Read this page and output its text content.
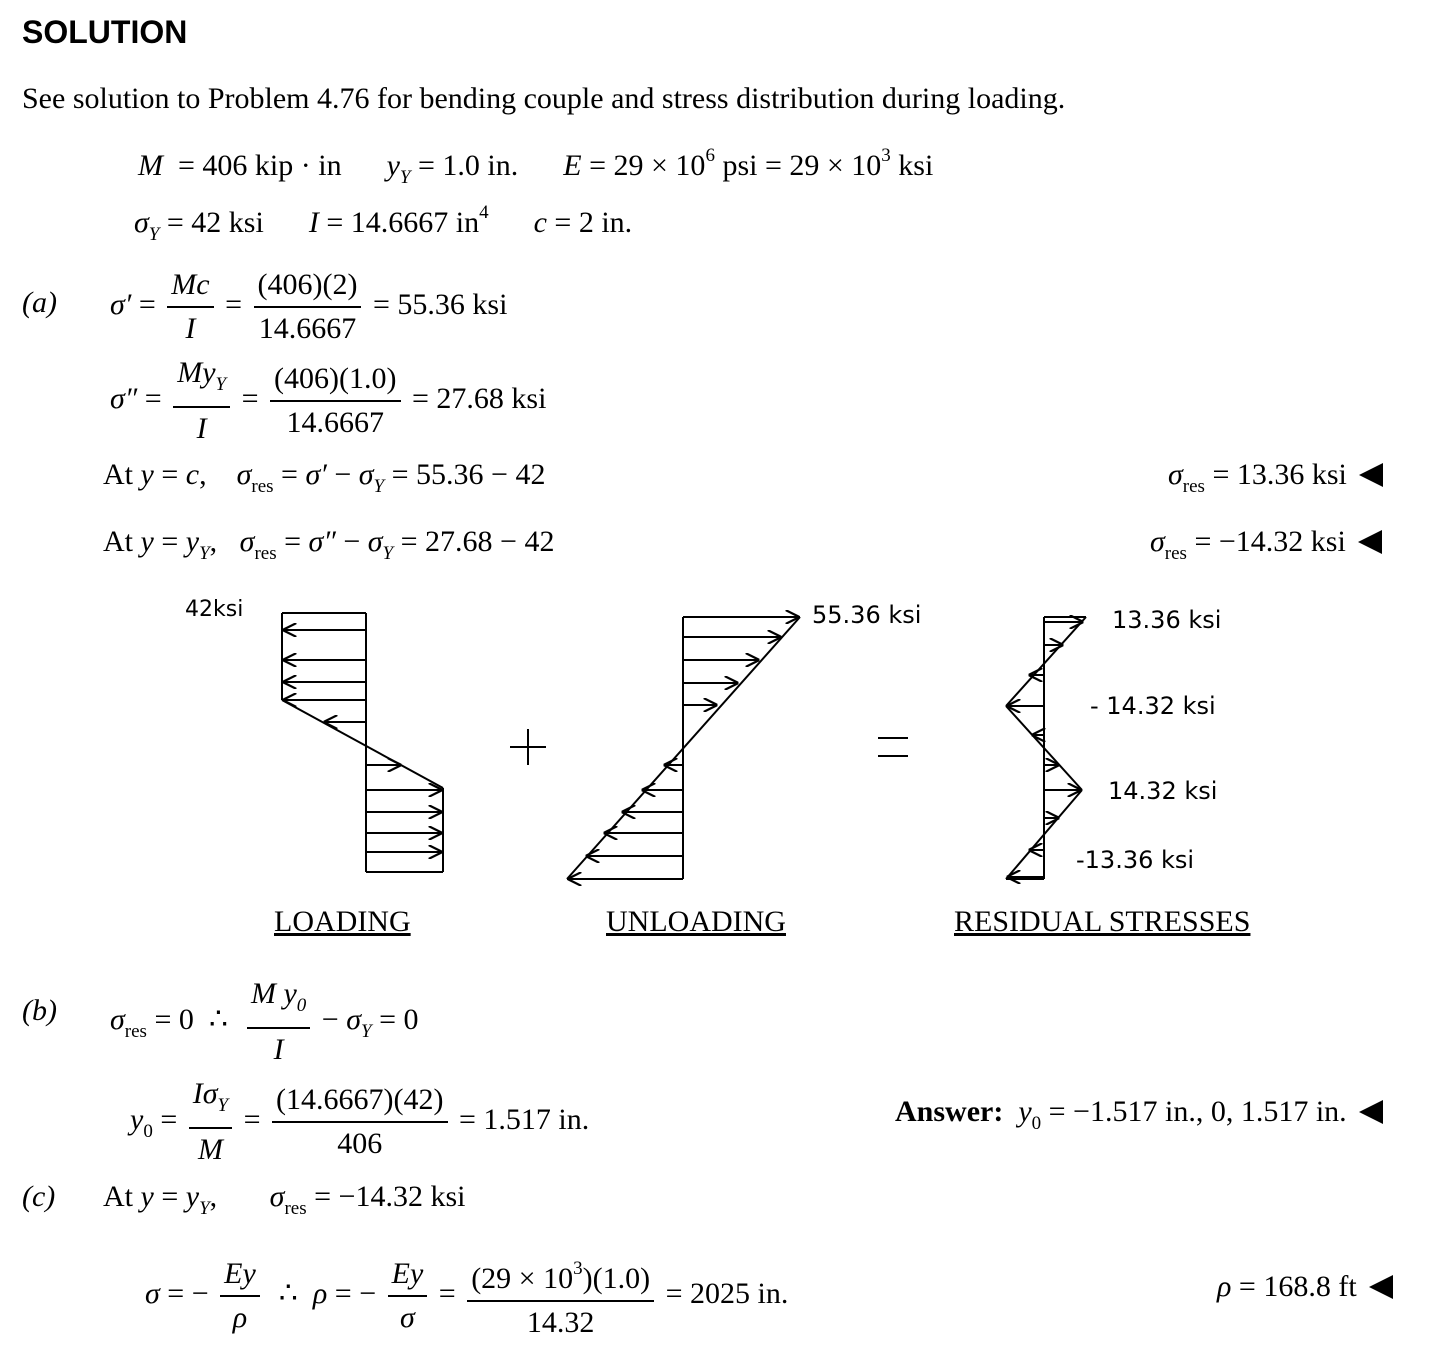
SOLUTION
See solution to Problem 4.76 for bending couple and stress distribution during loading.
M  = 406 kip · in $y_Y = 1.0$ in. $E = 29 \times 10^6$ psi = $29 \times 10^3$ ksi
$\sigma_Y = 42$ ksi I = 14.6667 $in^4$ c = 2 in.
(a) $\sigma' = \frac{Mc}{I} = \frac{(406)(2)}{14.6667} = 55.36$ ksi
$\sigma'' = \frac{My_Y}{I} = \frac{(406)(1.0)}{14.6667} = 27.68$ ksi
At y = c,    $\sigma_{res} = \sigma' - \sigma_Y = 55.36 - 42$	$\sigma_{res} = 13.36$ ksi
At $y = y_Y$,   $\sigma_{res} = \sigma'' - \sigma_Y = 27.68 - 42$	$\sigma_{res} = -14.32$ ksi
42ksi	55.36 ksi	13.36 ksi
- 14.32 ksi
14.32 ksi
-13.36 ksi
LOADING	UNLOADING	RESIDUAL STRESSES
(b) $\sigma_{res} = 0$ ∴ $\frac{M y_0}{I} - \sigma_Y = 0$
$y_0 = \frac{I\sigma_Y}{M} = \frac{(14.6667)(42)}{406} = 1.517$ in.	Answer: $y_0 = -1.517$ in., 0, 1.517 in.
(c) At $y = y_Y$,       $\sigma_{res} = -14.32$ ksi
σ = − $\frac{Ey}{\rho}$ ∴  ρ = − $\frac{Ey}{\sigma} = \frac{(29 \times 10^3)(1.0)}{14.32} = 2025$ in.	ρ = 168.8 ft
